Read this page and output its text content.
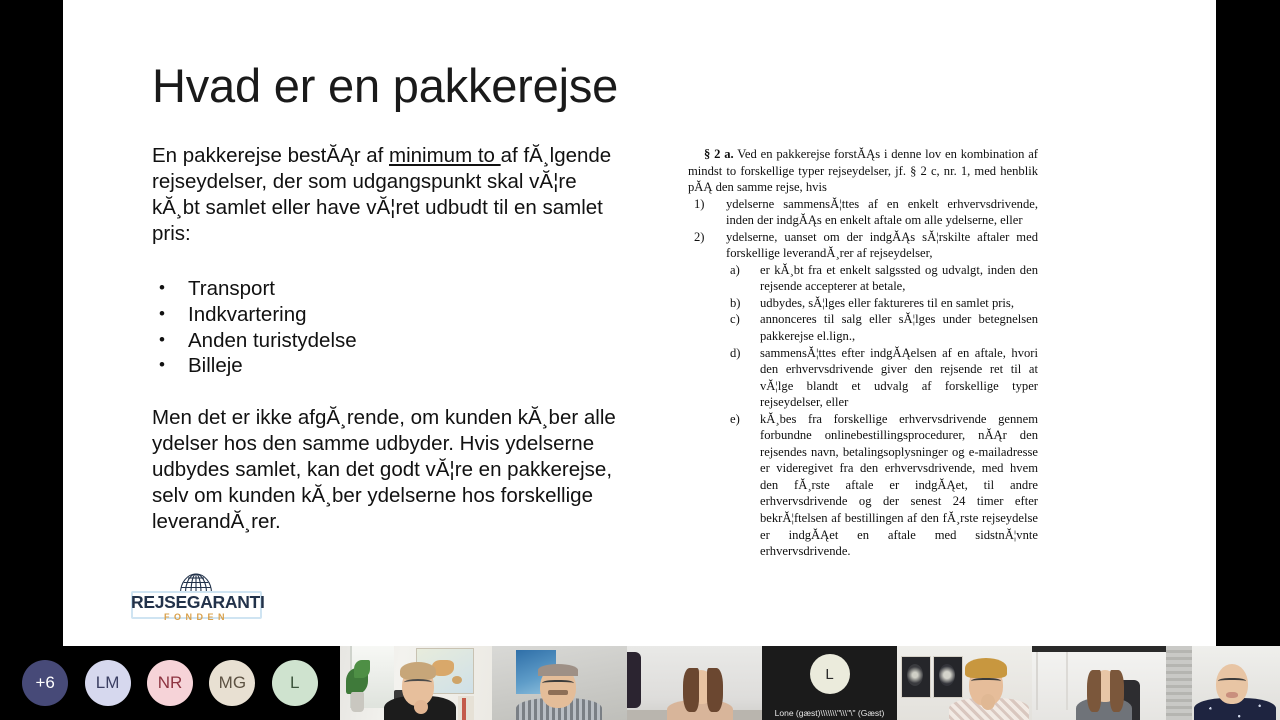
Hvad er en pakkerejse

En pakkerejse bestĂĄr af minimum to af fĂ¸lgende rejseydelser, der som udgangspunkt skal vĂ¦re kĂ¸bt samlet eller have vĂ¦ret udbudt til en samlet pris:

• Transport
• Indkvartering
• Anden turistydelse
• Billeje

Men det er ikke afgĂ¸rende, om kunden kĂ¸ber alle ydelser hos den samme udbyder. Hvis ydelserne udbydes samlet, kan det godt vĂ¦re en pakkerejse, selv om kunden kĂ¸ber ydelserne hos forskellige leverandĂ¸rer.

§ 2 a. Ved en pakkerejse forstĂĄs i denne lov en kombination af mindst to forskellige typer rejseydelser, jf. § 2 c, nr. 1, med henblik pĂĄ den samme rejse, hvis

1)	ydelserne sammensĂ¦ttes af en enkelt erhvervsdrivende, inden der indgĂĄs en enkelt aftale om alle ydelserne, eller
2)	ydelserne, uanset om der indgĂĄs sĂ¦rskilte aftaler med forskellige leverandĂ¸rer af rejseydelser,
a)	er kĂ¸bt fra et enkelt salgssted og udvalgt, inden den rejsende accepterer at betale,
b)	udbydes, sĂ¦lges eller faktureres til en samlet pris,
c)	annonceres til salg eller sĂ¦lges under betegnelsen pakkerejse el.lign.,
d)	sammensĂ¦ttes efter indgĂĄelsen af en aftale, hvori den erhvervsdrivende giver den rejsende ret til at vĂ¦lge blandt et udvalg af forskellige typer rejseydelser, eller
e)	kĂ¸bes fra forskellige erhvervsdrivende gennem forbundne onlinebestillingsprocedurer, nĂĄr den rejsendes navn, betalingsoplysninger og e-mailadresse er videregivet fra den erhvervsdrivende, med hvem den fĂ¸rste aftale er indgĂĄet, til andre erhvervsdrivende og der senest 24 timer efter bekrĂ¦ftelsen af bestillingen af den fĂ¸rste rejseydelse er indgĂĄet en aftale med sidstnĂ¦vnte erhvervsdrivende.
REJSEGARANTI
FONDEN
+6	LM	NR	MG	L	L
Lone (gæst)\\\\\\\"\\\"\" (Gæst)
